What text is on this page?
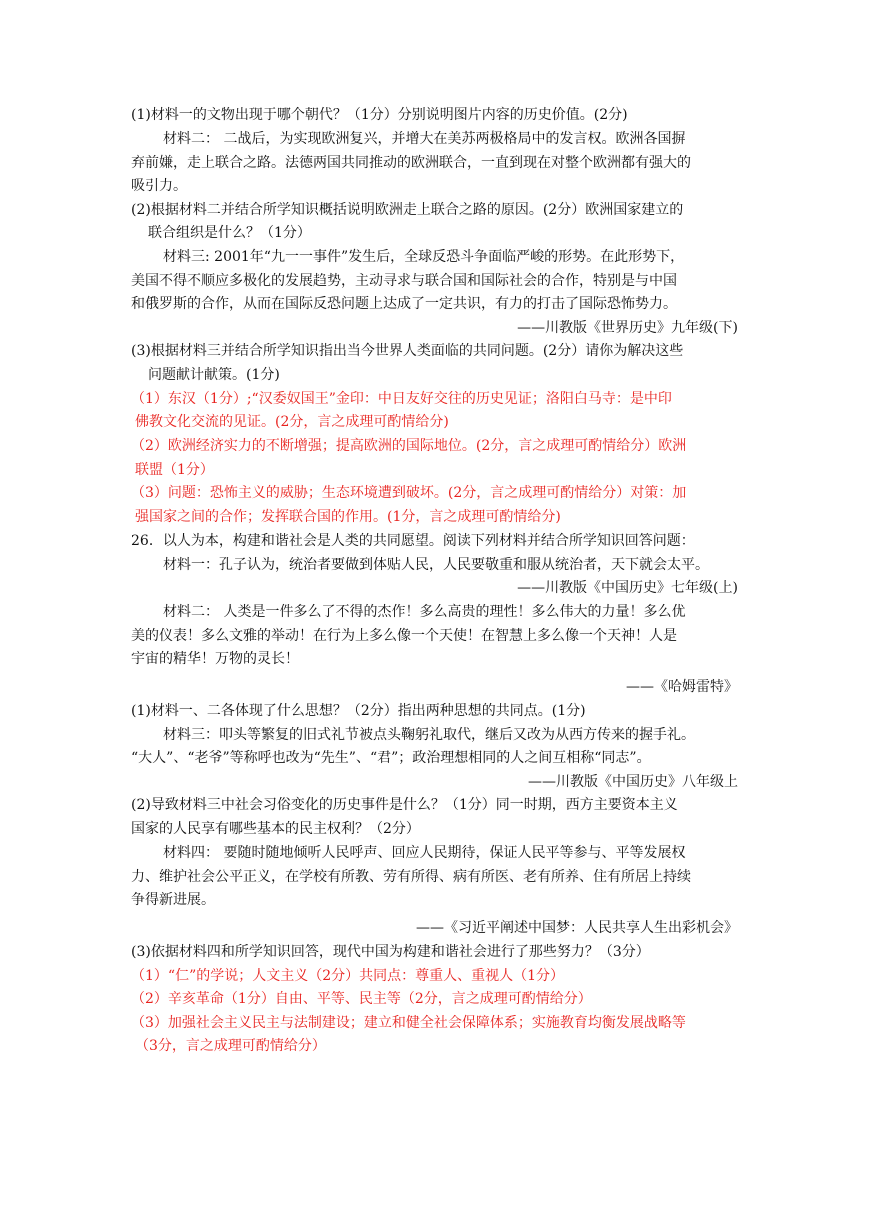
(1)材料一的文物出现于哪个朝代？（1分）分别说明图片内容的历史价值。(2分)
材料二： 二战后，为实现欧洲复兴，并增大在美苏两极格局中的发言权。欧洲各国摒
弃前嫌，走上联合之路。法德两国共同推动的欧洲联合，一直到现在对整个欧洲都有强大的
吸引力。
(2)根据材料二并结合所学知识概括说明欧洲走上联合之路的原因。(2分）欧洲国家建立的
联合组织是什么？（1分）
材料三: 2001年“九一一事件”发生后，全球反恐斗争面临严峻的形势。在此形势下，
美国不得不顺应多极化的发展趋势，主动寻求与联合国和国际社会的合作，特别是与中国
和俄罗斯的合作，从而在国际反恐问题上达成了一定共识，有力的打击了国际恐怖势力。
——川教版《世界历史》九年级(下)
(3)根据材料三并结合所学知识指出当今世界人类面临的共同问题。(2分）请你为解决这些
问题献计献策。(1分)
（1）东汉（1分）;“汉委奴国王”金印：中日友好交往的历史见证；洛阳白马寺：是中印
佛教文化交流的见证。(2分，言之成理可酌情给分)
（2）欧洲经济实力的不断增强；提高欧洲的国际地位。(2分，言之成理可酌情给分）欧洲
联盟（1分）
（3）问题：恐怖主义的威胁；生态环境遭到破坏。(2分，言之成理可酌情给分）对策：加
强国家之间的合作；发挥联合国的作用。(1分，言之成理可酌情给分)
26．以人为本，构建和谐社会是人类的共同愿望。阅读下列材料并结合所学知识回答问题：
材料一：孔子认为，统治者要做到体贴人民，人民要敬重和服从统治者，天下就会太平。
——川教版《中国历史》七年级(上)
材料二： 人类是一件多么了不得的杰作！多么高贵的理性！多么伟大的力量！多么优
美的仪表！多么文雅的举动！在行为上多么像一个天使！在智慧上多么像一个天神！人是
宇宙的精华！万物的灵长！
——《哈姆雷特》
(1)材料一、二各体现了什么思想？（2分）指出两种思想的共同点。(1分)
材料三：叩头等繁复的旧式礼节被点头鞠躬礼取代，继后又改为从西方传来的握手礼。
“大人”、“老爷”等称呼也改为“先生”、“君”；政治理想相同的人之间互相称“同志”。
——川教版《中国历史》八年级上
(2)导致材料三中社会习俗变化的历史事件是什么？（1分）同一时期，西方主要资本主义
国家的人民享有哪些基本的民主权利？（2分）
材料四： 要随时随地倾听人民呼声、回应人民期待，保证人民平等参与、平等发展权
力、维护社会公平正义，在学校有所教、劳有所得、病有所医、老有所养、住有所居上持续
争得新进展。
——《习近平阐述中国梦：人民共享人生出彩机会》
(3)依据材料四和所学知识回答，现代中国为构建和谐社会进行了那些努力？（3分）
（1）“仁”的学说；人文主义（2分）共同点：尊重人、重视人（1分）
（2）辛亥革命（1分）自由、平等、民主等（2分，言之成理可酌情给分）
（3）加强社会主义民主与法制建设；建立和健全社会保障体系；实施教育均衡发展战略等
（3分，言之成理可酌情给分）
